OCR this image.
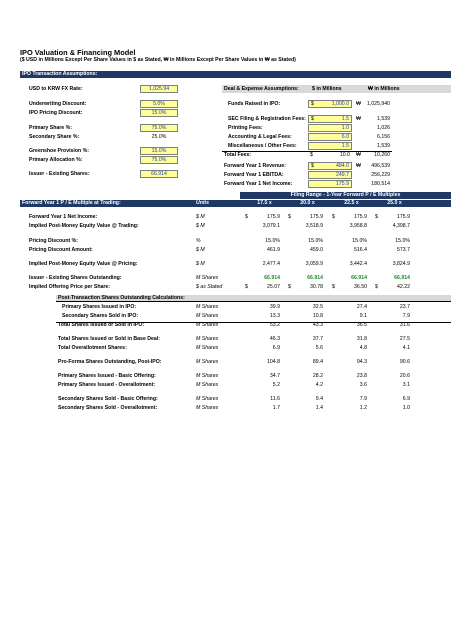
IPO Valuation & Financing Model
($ USD in Millions Except Per Share Values in $ as Stated, ₩ in Millions Except Per Share Values in ₩ as Stated)
IPO Transaction Assumptions:
USD to KRW FX Rate:	1,025.94
Underwriting Discount:	5.0%
IPO Pricing Discount:	15.0%
Primary Share %:	75.0%
Secondary Share %:	25.0%
Greenshoe Provision %:	15.0%
Primary Allocation %:	75.0%
Issuer - Existing Shares:	66.914
Deal & Expense Assumptions:	$ in Millions	₩ in Millions
Funds Raised in IPO:	$	1,000.0 ₩	1,025,940
SEC Filing & Registration Fees: $	1.5 ₩	1,539
Printing Fees:	1.0	1,026
Accounting & Legal Fees:	6.0	6,156
Miscellaneous / Other Fees:	1.5	1,539
Total Fees:	$	10.0 ₩	10,260
Forward Year 1 Revenue:	$	484.0 ₩	496,539
Forward Year 1 EBITDA:	249.7	256,229
Forward Year 1 Net Income:	175.9	180,514
Filing Range - 1-Year Forward P / E Multiples
Forward Year 1 P / E Multiple at Trading:	Units	17.5 x	20.0 x	22.5 x	25.0 x
Forward Year 1 Net Income:	$ M	$	175.9 $	175.9 $	175.9 $	175.9
Implied Post-Money Equity Value @ Trading:	$ M	3,079.1	3,518.9	3,958.8	4,398.7
Pricing Discount %:	%	15.0%	15.0%	15.0%	15.0%
Pricing Discount Amount:	$ M	461.9	459.0	516.4	573.7
Implied Post-Money Equity Value @ Pricing:	$ M	2,477.4	3,059.9	3,442.4	3,824.9
Issuer - Existing Shares Outstanding:	M Shares	66.914	66.914	66.914	66.914
Implied Offering Price per Share:	$ as Stated	$	25.07 $	30.78 $	36.50 $	42.22
Post-Transaction Shares Outstanding Calculations:
Primary Shares Issued in IPO:	M Shares	39.9	32.5	27.4	23.7
Secondary Shares Sold in IPO:	M Shares	13.3	10.8	9.1	7.9
Total Shares Issued or Sold in IPO:	M Shares	53.2	43.3	36.5	31.6
Total Shares Issued or Sold in Base Deal:	M Shares	46.3	37.7	31.8	27.5
Total Overallotment Shares:	M Shares	6.9	5.6	4.8	4.1
Pro-Forma Shares Outstanding, Post-IPO:	M Shares	104.8	89.4	94.3	90.6
Primary Shares Issued - Basic Offering:	M Shares	34.7	28.2	23.8	20.6
Primary Shares Issued - Overallotment:	M Shares	5.2	4.2	3.6	3.1
Secondary Shares Sold - Basic Offering:	M Shares	11.6	9.4	7.9	6.9
Secondary Shares Sold - Overallotment:	M Shares	1.7	1.4	1.2	1.0
